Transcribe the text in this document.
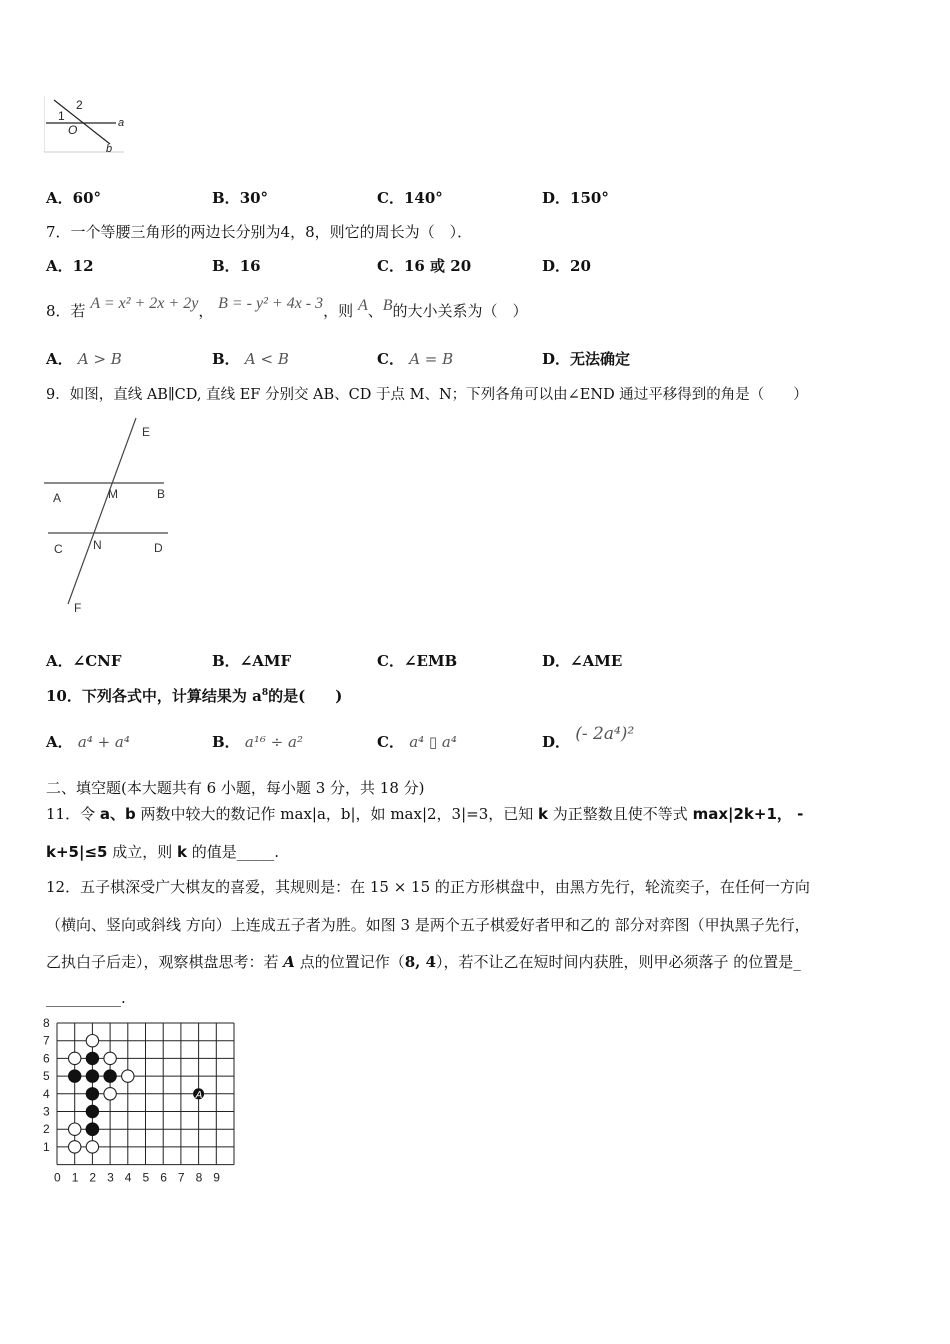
1
2
O	a
b
A．60°	B．30°	C．140°	D．150°
7．一个等腰三角形的两边长分别为4，8，则它的周长为（　）．
A．12	B．16	C．16 或 20	D．20
8．若 A = x² + 2x + 2y， B = - y² + 4x - 3，则 A、B的大小关系为（　）
A． A > B	B． A < B	C． A = B	D．无法确定
9．如图，直线 AB∥CD, 直线 EF 分别交 AB、CD 于点 M、N；下列各角可以由∠END 通过平移得到的角是（　　）
E
A	M	B
C	N	D
F
A．∠CNF	B．∠AMF	C．∠EMB	D．∠AME
10．下列各式中，计算结果为 $a^8$的是(　　)
A． a⁴ + a⁴	B． a¹⁶ ÷ a²	C． a⁴ ▯ a⁴	D． (- 2a⁴)²
二、填空题(本大题共有 6 小题，每小题 3 分，共 18 分)
11．令 a、b 两数中较大的数记作 max|a，b|，如 max|2，3|=3，已知 k 为正整数且使不等式 max|2k+1， -
k+5|≤5 成立，则 k 的值是_____.
12．五子棋深受广大棋友的喜爱，其规则是：在 15 × 15 的正方形棋盘中，由黑方先行，轮流奕子，在任何一方向
（横向、竖向或斜线 方向）上连成五子者为胜。如图 3 是两个五子棋爱好者甲和乙的 部分对弈图（甲执黑子先行，
乙执白子后走），观察棋盘思考：若 A 点的位置记作（8, 4），若不让乙在短时间内获胜，则甲必须落子 的位置是_
__________.
0 1 2 3 4 5 6 7 8 9
1
2
3
4
5
6
7
8
A
